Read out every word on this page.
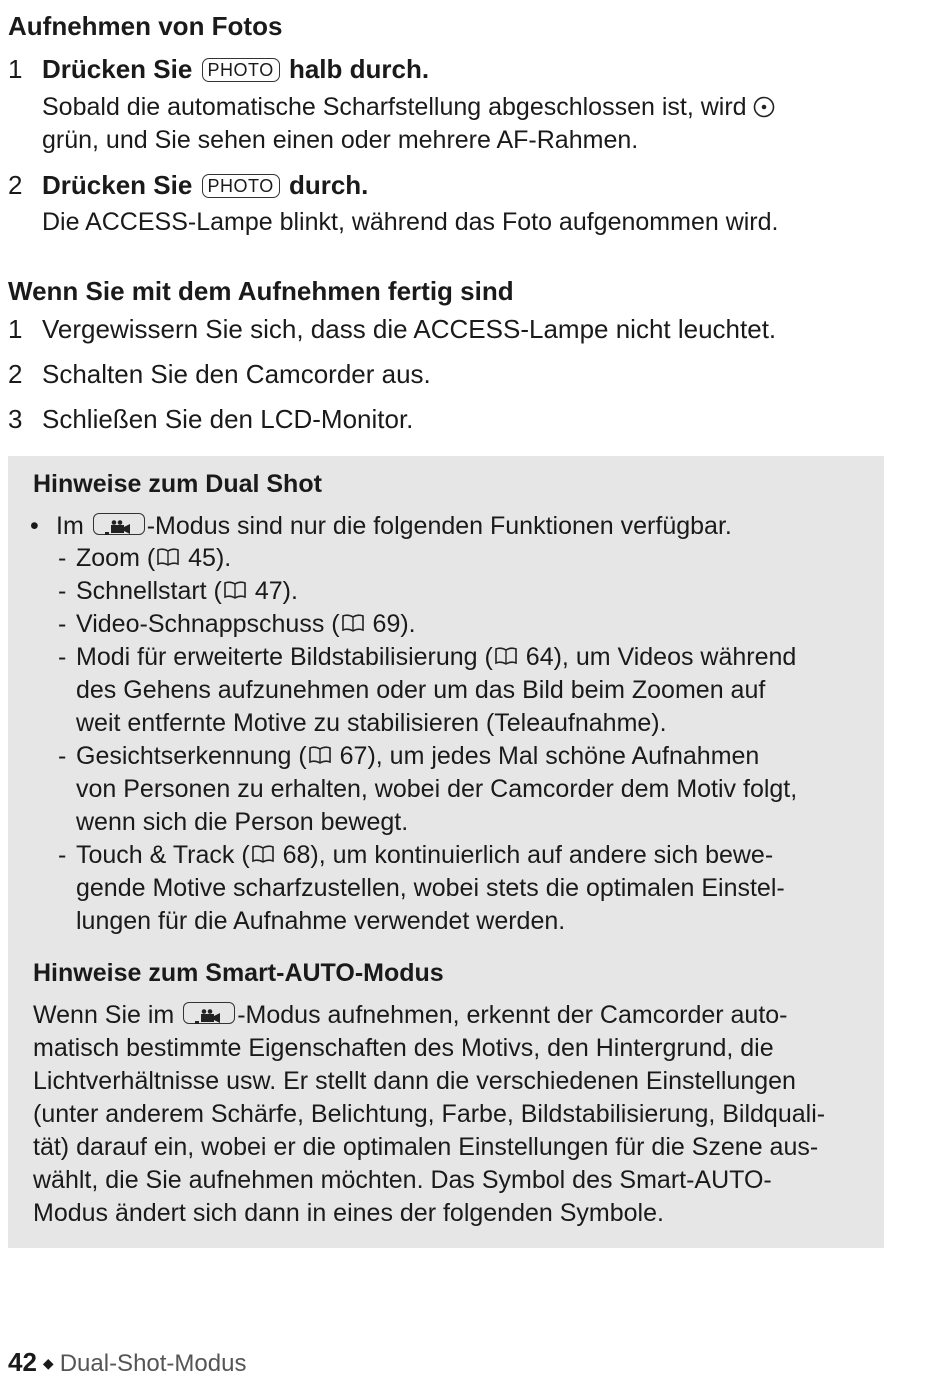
Aufnehmen von Fotos
1 Drücken Sie PHOTO halb durch.
Sobald die automatische Scharfstellung abgeschlossen ist, wird
grün, und Sie sehen einen oder mehrere AF-Rahmen.
2 Drücken Sie PHOTO durch.
Die ACCESS-Lampe blinkt, während das Foto aufgenommen wird.
Wenn Sie mit dem Aufnehmen fertig sind
1 Vergewissern Sie sich, dass die ACCESS-Lampe nicht leuchtet.
2 Schalten Sie den Camcorder aus.
3 Schließen Sie den LCD-Monitor.
Hinweise zum Dual Shot
• Im	-Modus sind nur die folgenden Funktionen verfügbar.
- Zoom ( 45).
- Schnellstart ( 47).
- Video-Schnappschuss ( 69).
- Modi für erweiterte Bildstabilisierung ( 64), um Videos während
des Gehens aufzunehmen oder um das Bild beim Zoomen auf
weit entfernte Motive zu stabilisieren (Teleaufnahme).
- Gesichtserkennung ( 67), um jedes Mal schöne Aufnahmen
von Personen zu erhalten, wobei der Camcorder dem Motiv folgt,
wenn sich die Person bewegt.
- Touch & Track ( 68), um kontinuierlich auf andere sich bewe-
gende Motive scharfzustellen, wobei stets die optimalen Einstel-
lungen für die Aufnahme verwendet werden.
Hinweise zum Smart-AUTO-Modus
Wenn Sie im	-Modus aufnehmen, erkennt der Camcorder auto-
matisch bestimmte Eigenschaften des Motivs, den Hintergrund, die
Lichtverhältnisse usw. Er stellt dann die verschiedenen Einstellungen
(unter anderem Schärfe, Belichtung, Farbe, Bildstabilisierung, Bildquali-
tät) darauf ein, wobei er die optimalen Einstellungen für die Szene aus-
wählt, die Sie aufnehmen möchten. Das Symbol des Smart-AUTO-
Modus ändert sich dann in eines der folgenden Symbole.
42 ◆ Dual-Shot-Modus
